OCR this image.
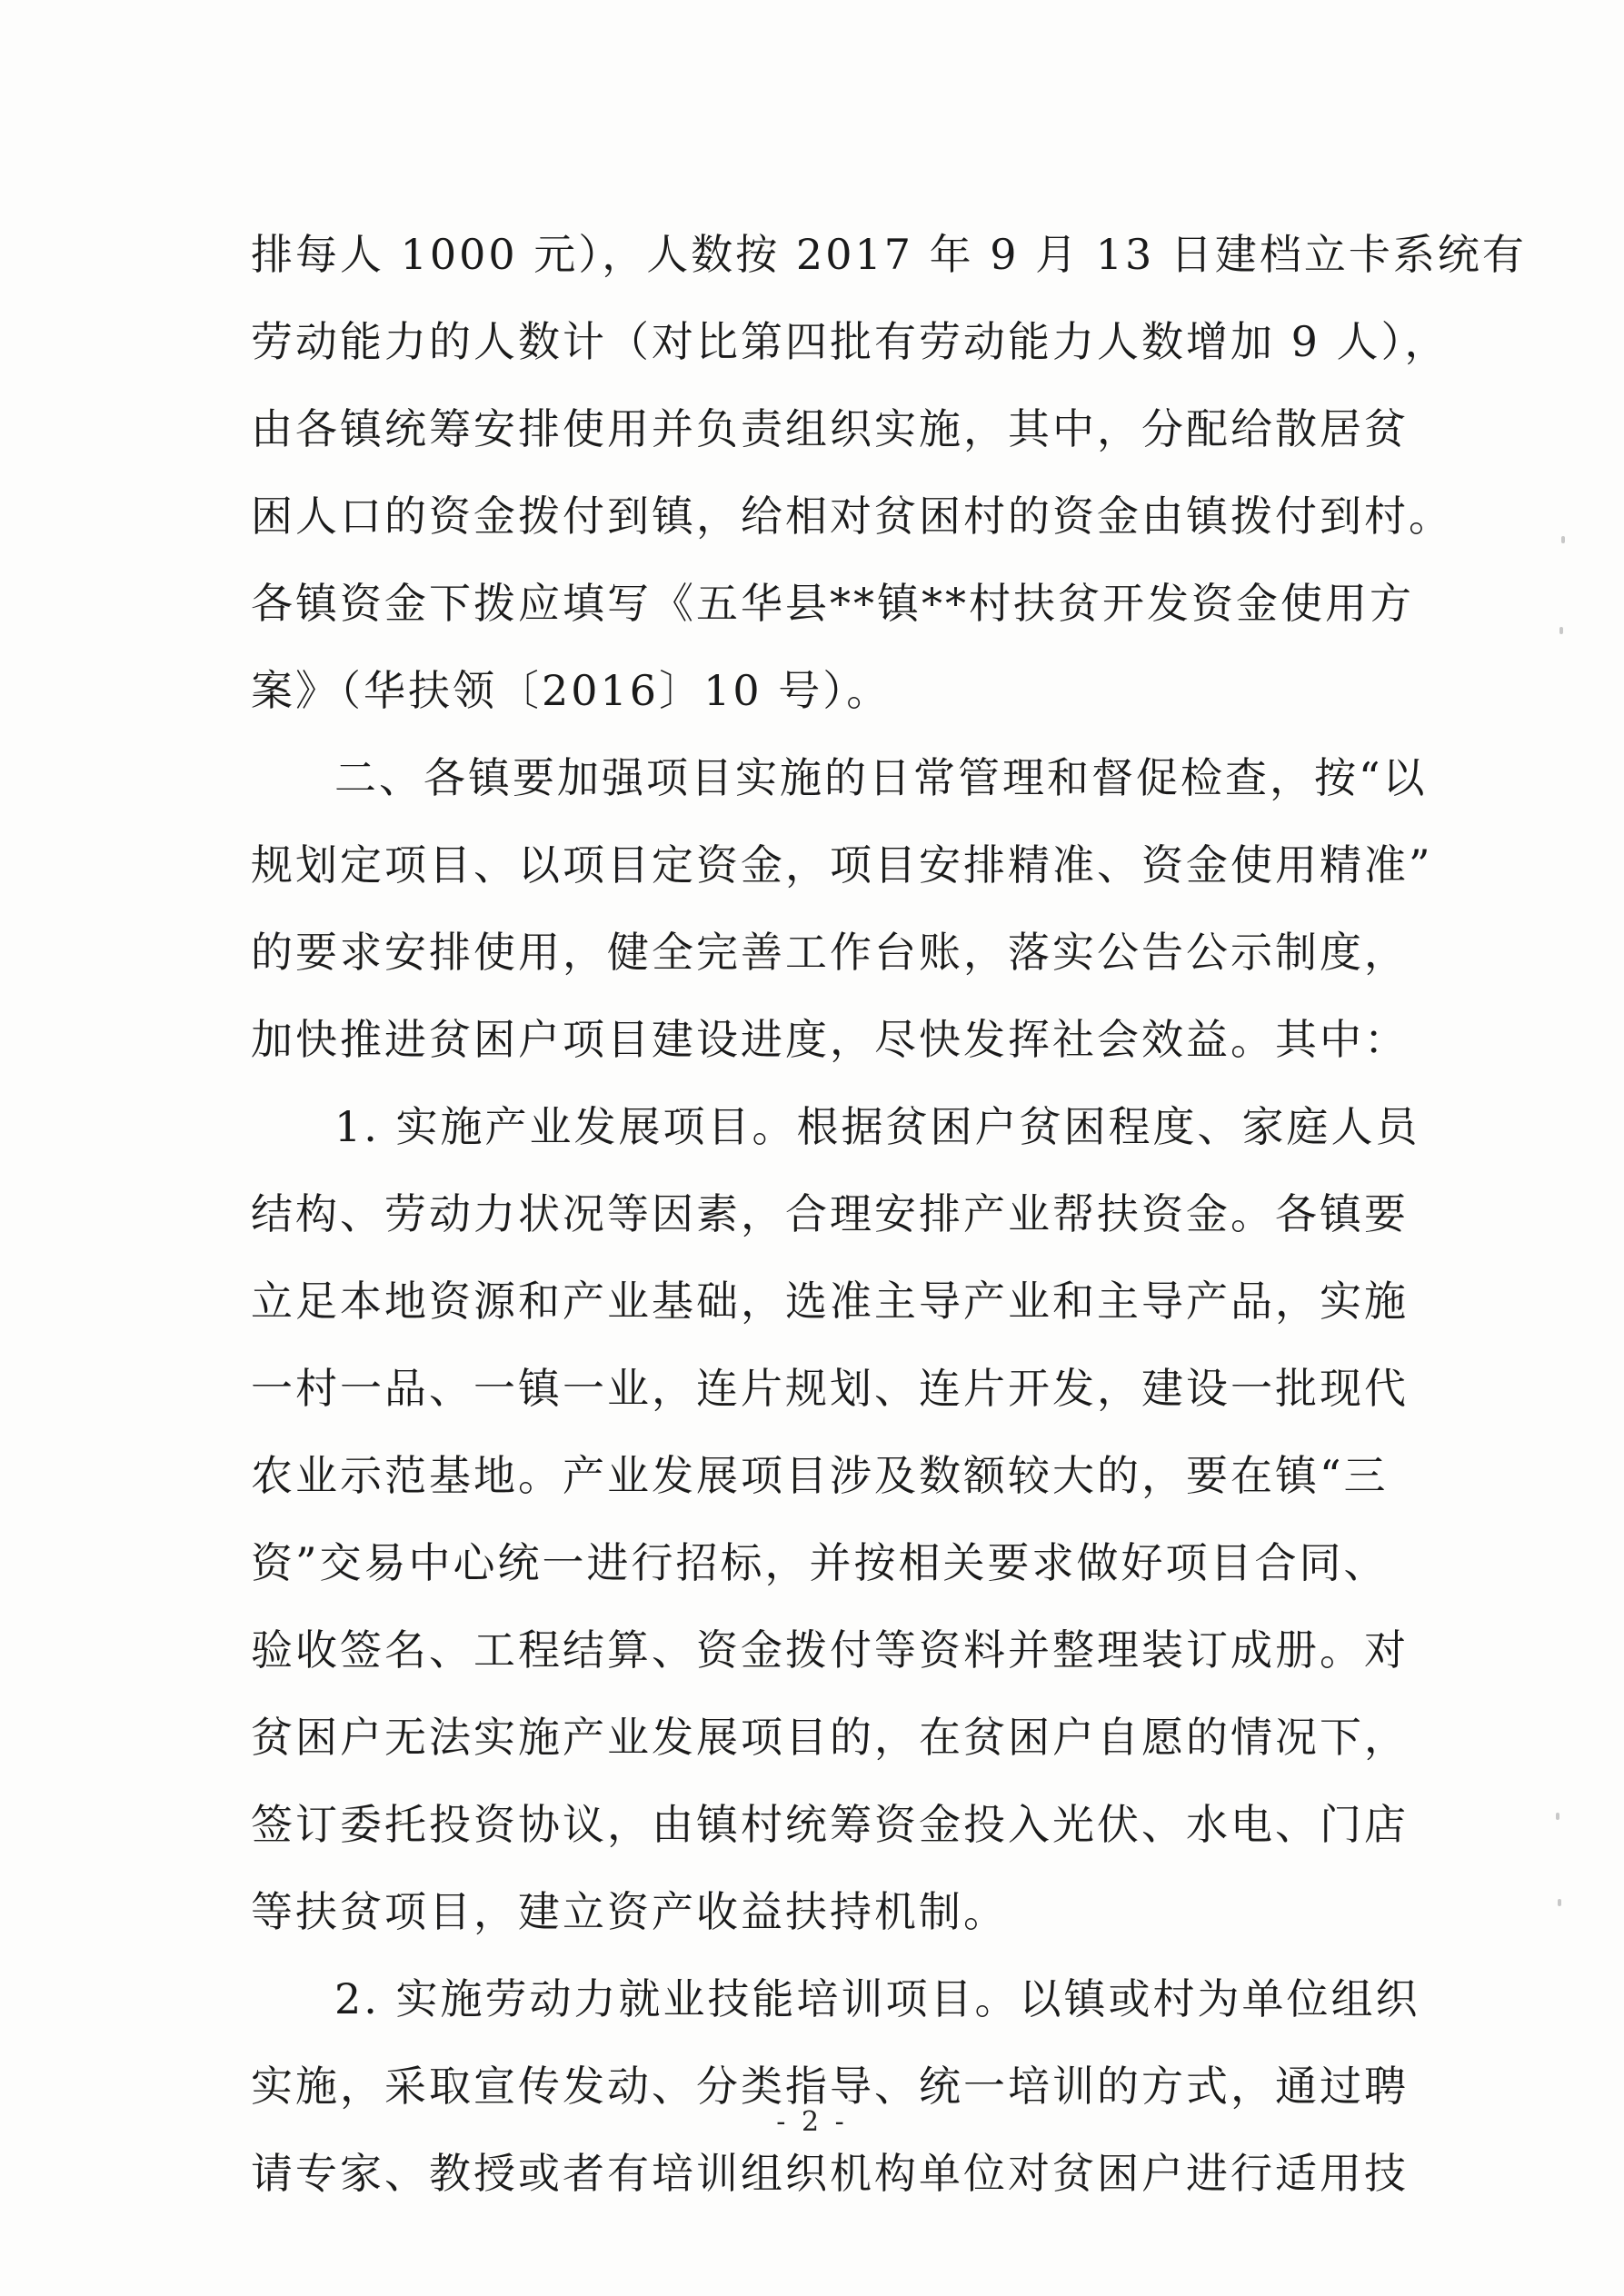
排每人 1000 元），人数按 2017 年 9 月 13 日建档立卡系统有
劳动能力的人数计（对比第四批有劳动能力人数增加 9 人），
由各镇统筹安排使用并负责组织实施，其中，分配给散居贫
困人口的资金拨付到镇，给相对贫困村的资金由镇拨付到村。
各镇资金下拨应填写《五华县**镇**村扶贫开发资金使用方
案》（华扶领〔2016〕10 号）。
二、各镇要加强项目实施的日常管理和督促检查，按“以
规划定项目、以项目定资金，项目安排精准、资金使用精准”
的要求安排使用，健全完善工作台账，落实公告公示制度，
加快推进贫困户项目建设进度，尽快发挥社会效益。其中：
1. 实施产业发展项目。根据贫困户贫困程度、家庭人员
结构、劳动力状况等因素，合理安排产业帮扶资金。各镇要
立足本地资源和产业基础，选准主导产业和主导产品，实施
一村一品、一镇一业，连片规划、连片开发，建设一批现代
农业示范基地。产业发展项目涉及数额较大的，要在镇“三
资”交易中心统一进行招标，并按相关要求做好项目合同、
验收签名、工程结算、资金拨付等资料并整理装订成册。对
贫困户无法实施产业发展项目的，在贫困户自愿的情况下，
签订委托投资协议，由镇村统筹资金投入光伏、水电、门店
等扶贫项目，建立资产收益扶持机制。
2. 实施劳动力就业技能培训项目。以镇或村为单位组织
实施，采取宣传发动、分类指导、统一培训的方式，通过聘
请专家、教授或者有培训组织机构单位对贫困户进行适用技
- 2 -
